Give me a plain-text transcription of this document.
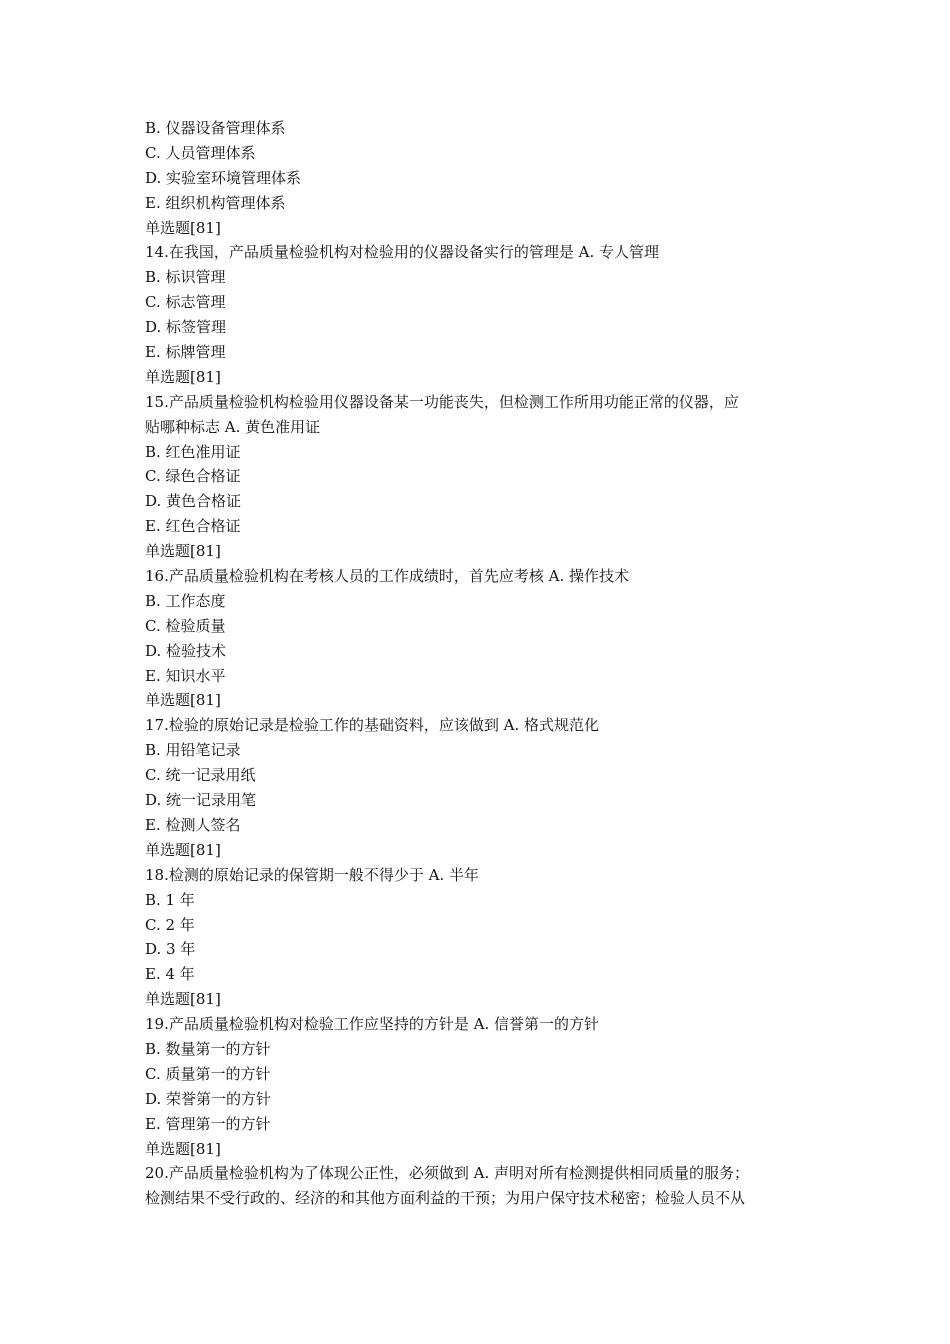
B. 仪器设备管理体系
C. 人员管理体系
D. 实验室环境管理体系
E. 组织机构管理体系
单选题[81]
14.在我国，产品质量检验机构对检验用的仪器设备实行的管理是 A. 专人管理
B. 标识管理
C. 标志管理
D. 标签管理
E. 标牌管理
单选题[81]
15.产品质量检验机构检验用仪器设备某一功能丧失，但检测工作所用功能正常的仪器，应
贴哪种标志 A. 黄色准用证
B. 红色准用证
C. 绿色合格证
D. 黄色合格证
E. 红色合格证
单选题[81]
16.产品质量检验机构在考核人员的工作成绩时，首先应考核 A. 操作技术
B. 工作态度
C. 检验质量
D. 检验技术
E. 知识水平
单选题[81]
17.检验的原始记录是检验工作的基础资料，应该做到 A. 格式规范化
B. 用铅笔记录
C. 统一记录用纸
D. 统一记录用笔
E. 检测人签名
单选题[81]
18.检测的原始记录的保管期一般不得少于 A. 半年
B. 1 年
C. 2 年
D. 3 年
E. 4 年
单选题[81]
19.产品质量检验机构对检验工作应坚持的方针是 A. 信誉第一的方针
B. 数量第一的方针
C. 质量第一的方针
D. 荣誉第一的方针
E. 管理第一的方针
单选题[81]
20.产品质量检验机构为了体现公正性，必须做到 A. 声明对所有检测提供相同质量的服务；
检测结果不受行政的、经济的和其他方面利益的干预；为用户保守技术秘密；检验人员不从
